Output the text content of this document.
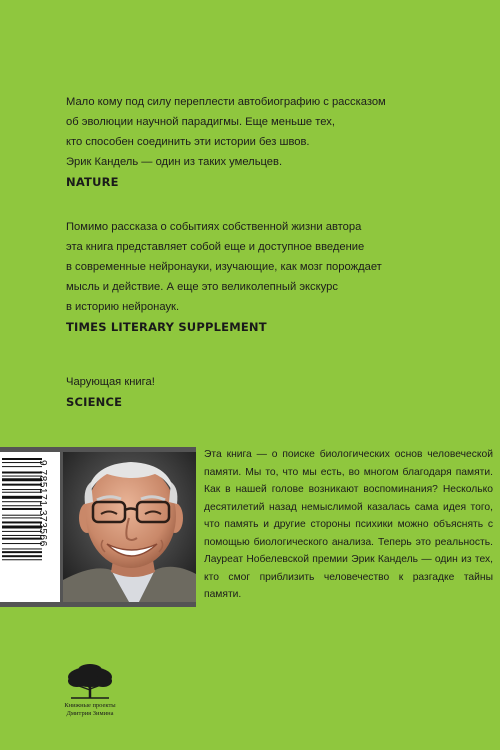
Мало кому под силу переплести автобиографию с рассказом
об эволюции научной парадигмы. Еще меньше тех,
кто способен соединить эти истории без швов.
Эрик Кандель — один из таких умельцев.

NATURE

Помимо рассказа о событиях собственной жизни автора
эта книга представляет собой еще и доступное введение
в современные нейронауки, изучающие, как мозг порождает
мысль и действие. А еще это великолепный экскурс
в историю нейронаук.

TIMES LITERARY SUPPLEMENT

Чарующая книга!

SCIENCE
9 785171 373566

Эта книга — о поиске биологических основ человеческой памяти. Мы то, что мы есть, во многом благодаря памяти. Как в нашей голове возникают воспоминания? Несколько десятилетий назад немыслимой казалась сама идея того, что память и другие стороны психики можно объяснять с помощью биологического анализа. Теперь это реальность. Лауреат Нобелевской премии Эрик Кандель — один из тех, кто смог приблизить человечество к разгадке тайны памяти.

Книжные проекты
Дмитрия Зимина
